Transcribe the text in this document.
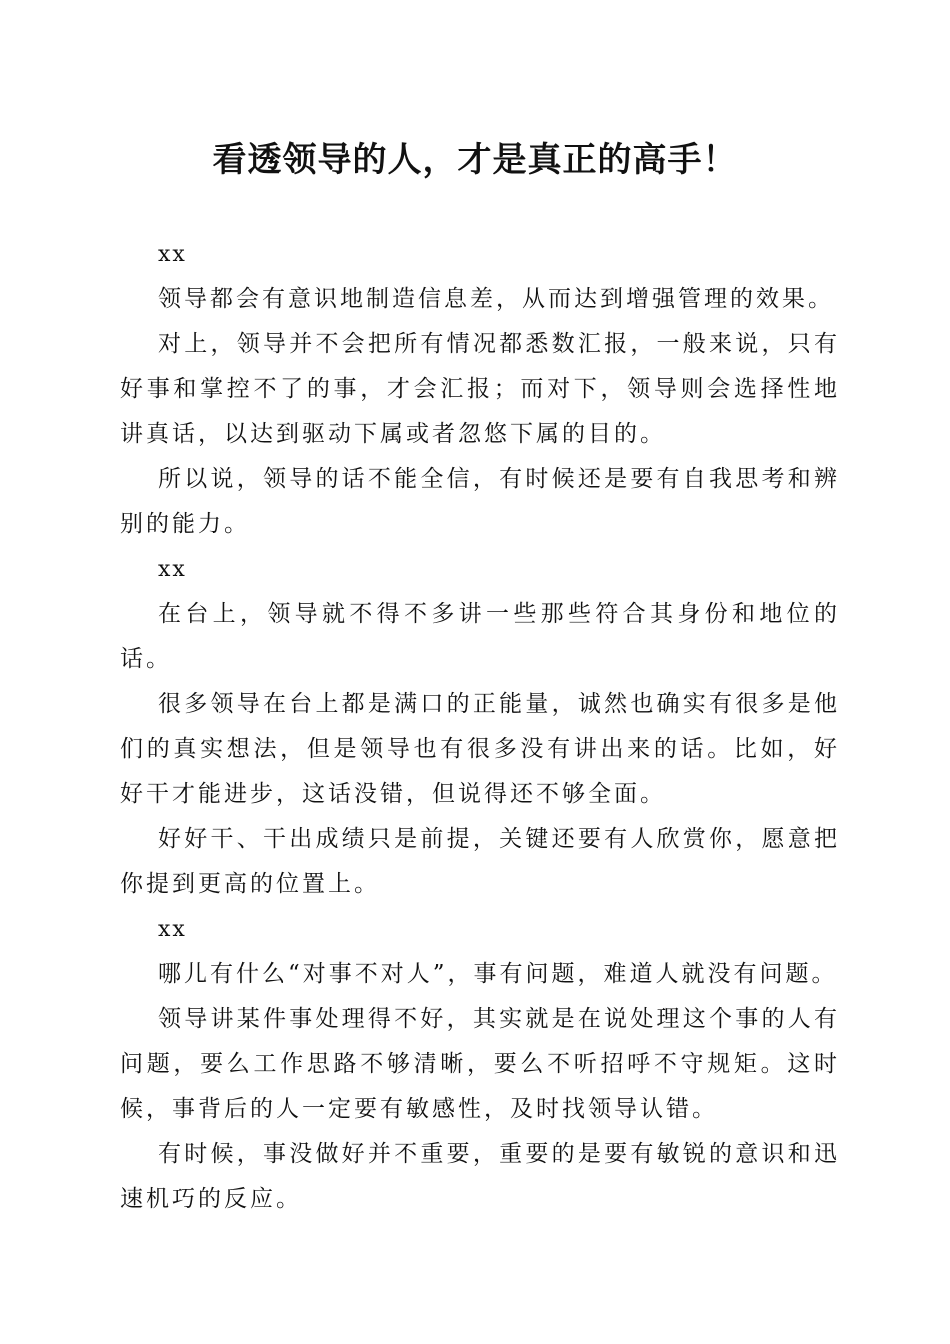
看透领导的人，才是真正的高手！

xx

领导都会有意识地制造信息差，从而达到增强管理的效果。

对上，领导并不会把所有情况都悉数汇报，一般来说，只有好事和掌控不了的事，才会汇报；而对下，领导则会选择性地讲真话，以达到驱动下属或者忽悠下属的目的。

所以说，领导的话不能全信，有时候还是要有自我思考和辨别的能力。

xx

在台上，领导就不得不多讲一些那些符合其身份和地位的话。

很多领导在台上都是满口的正能量，诚然也确实有很多是他们的真实想法，但是领导也有很多没有讲出来的话。比如，好好干才能进步，这话没错，但说得还不够全面。

好好干、干出成绩只是前提，关键还要有人欣赏你，愿意把你提到更高的位置上。

xx

哪儿有什么“对事不对人”，事有问题，难道人就没有问题。

领导讲某件事处理得不好，其实就是在说处理这个事的人有问题，要么工作思路不够清晰，要么不听招呼不守规矩。这时候，事背后的人一定要有敏感性，及时找领导认错。

有时候，事没做好并不重要，重要的是要有敏锐的意识和迅速机巧的反应。
